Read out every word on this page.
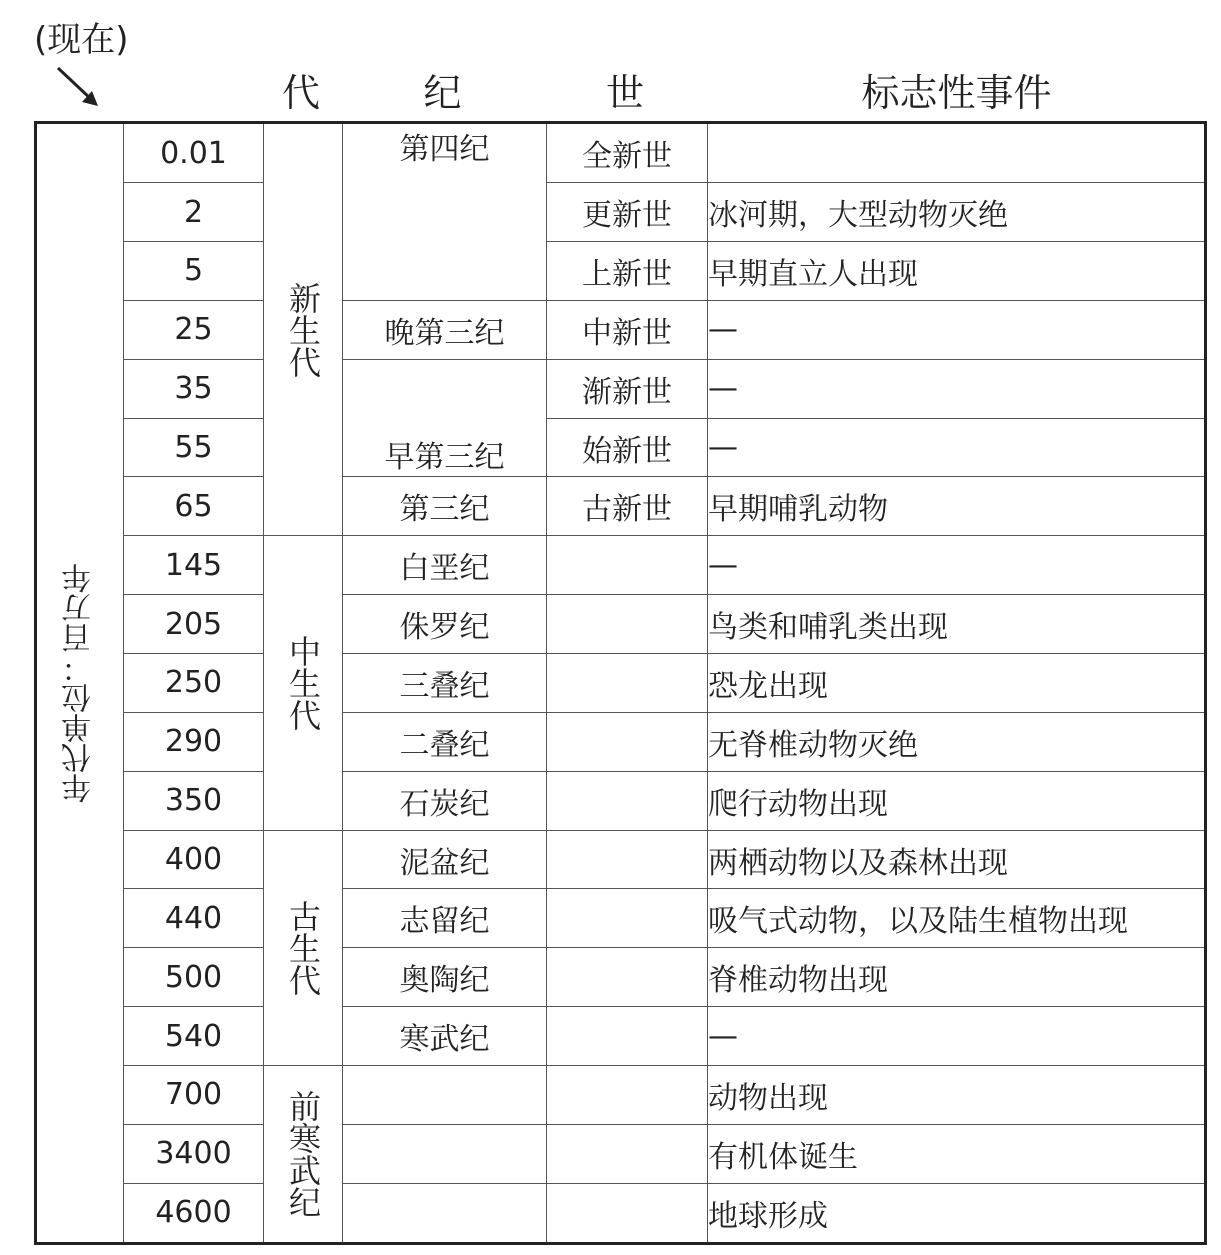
(现在)
代	纪	世	标志性事件
年代单位：百万年	0.01	新生代	第四纪	全新世	
	2			更新世	冰河期，大型动物灭绝
	5			上新世	早期直立人出现
	25		晚第三纪	中新世	—
	35		早第三纪	渐新世	—
	55			始新世	—
	65		第三纪	古新世	早期哺乳动物
	145	中生代	白垩纪		—
	205		侏罗纪		鸟类和哺乳类出现
	250		三叠纪		恐龙出现
	290		二叠纪		无脊椎动物灭绝
	350		石炭纪		爬行动物出现
	400	古生代	泥盆纪		两栖动物以及森林出现
	440		志留纪		吸气式动物，以及陆生植物出现
	500		奥陶纪		脊椎动物出现
	540		寒武纪		—
	700	前寒武纪			动物出现
	3400				有机体诞生
	4600				地球形成
